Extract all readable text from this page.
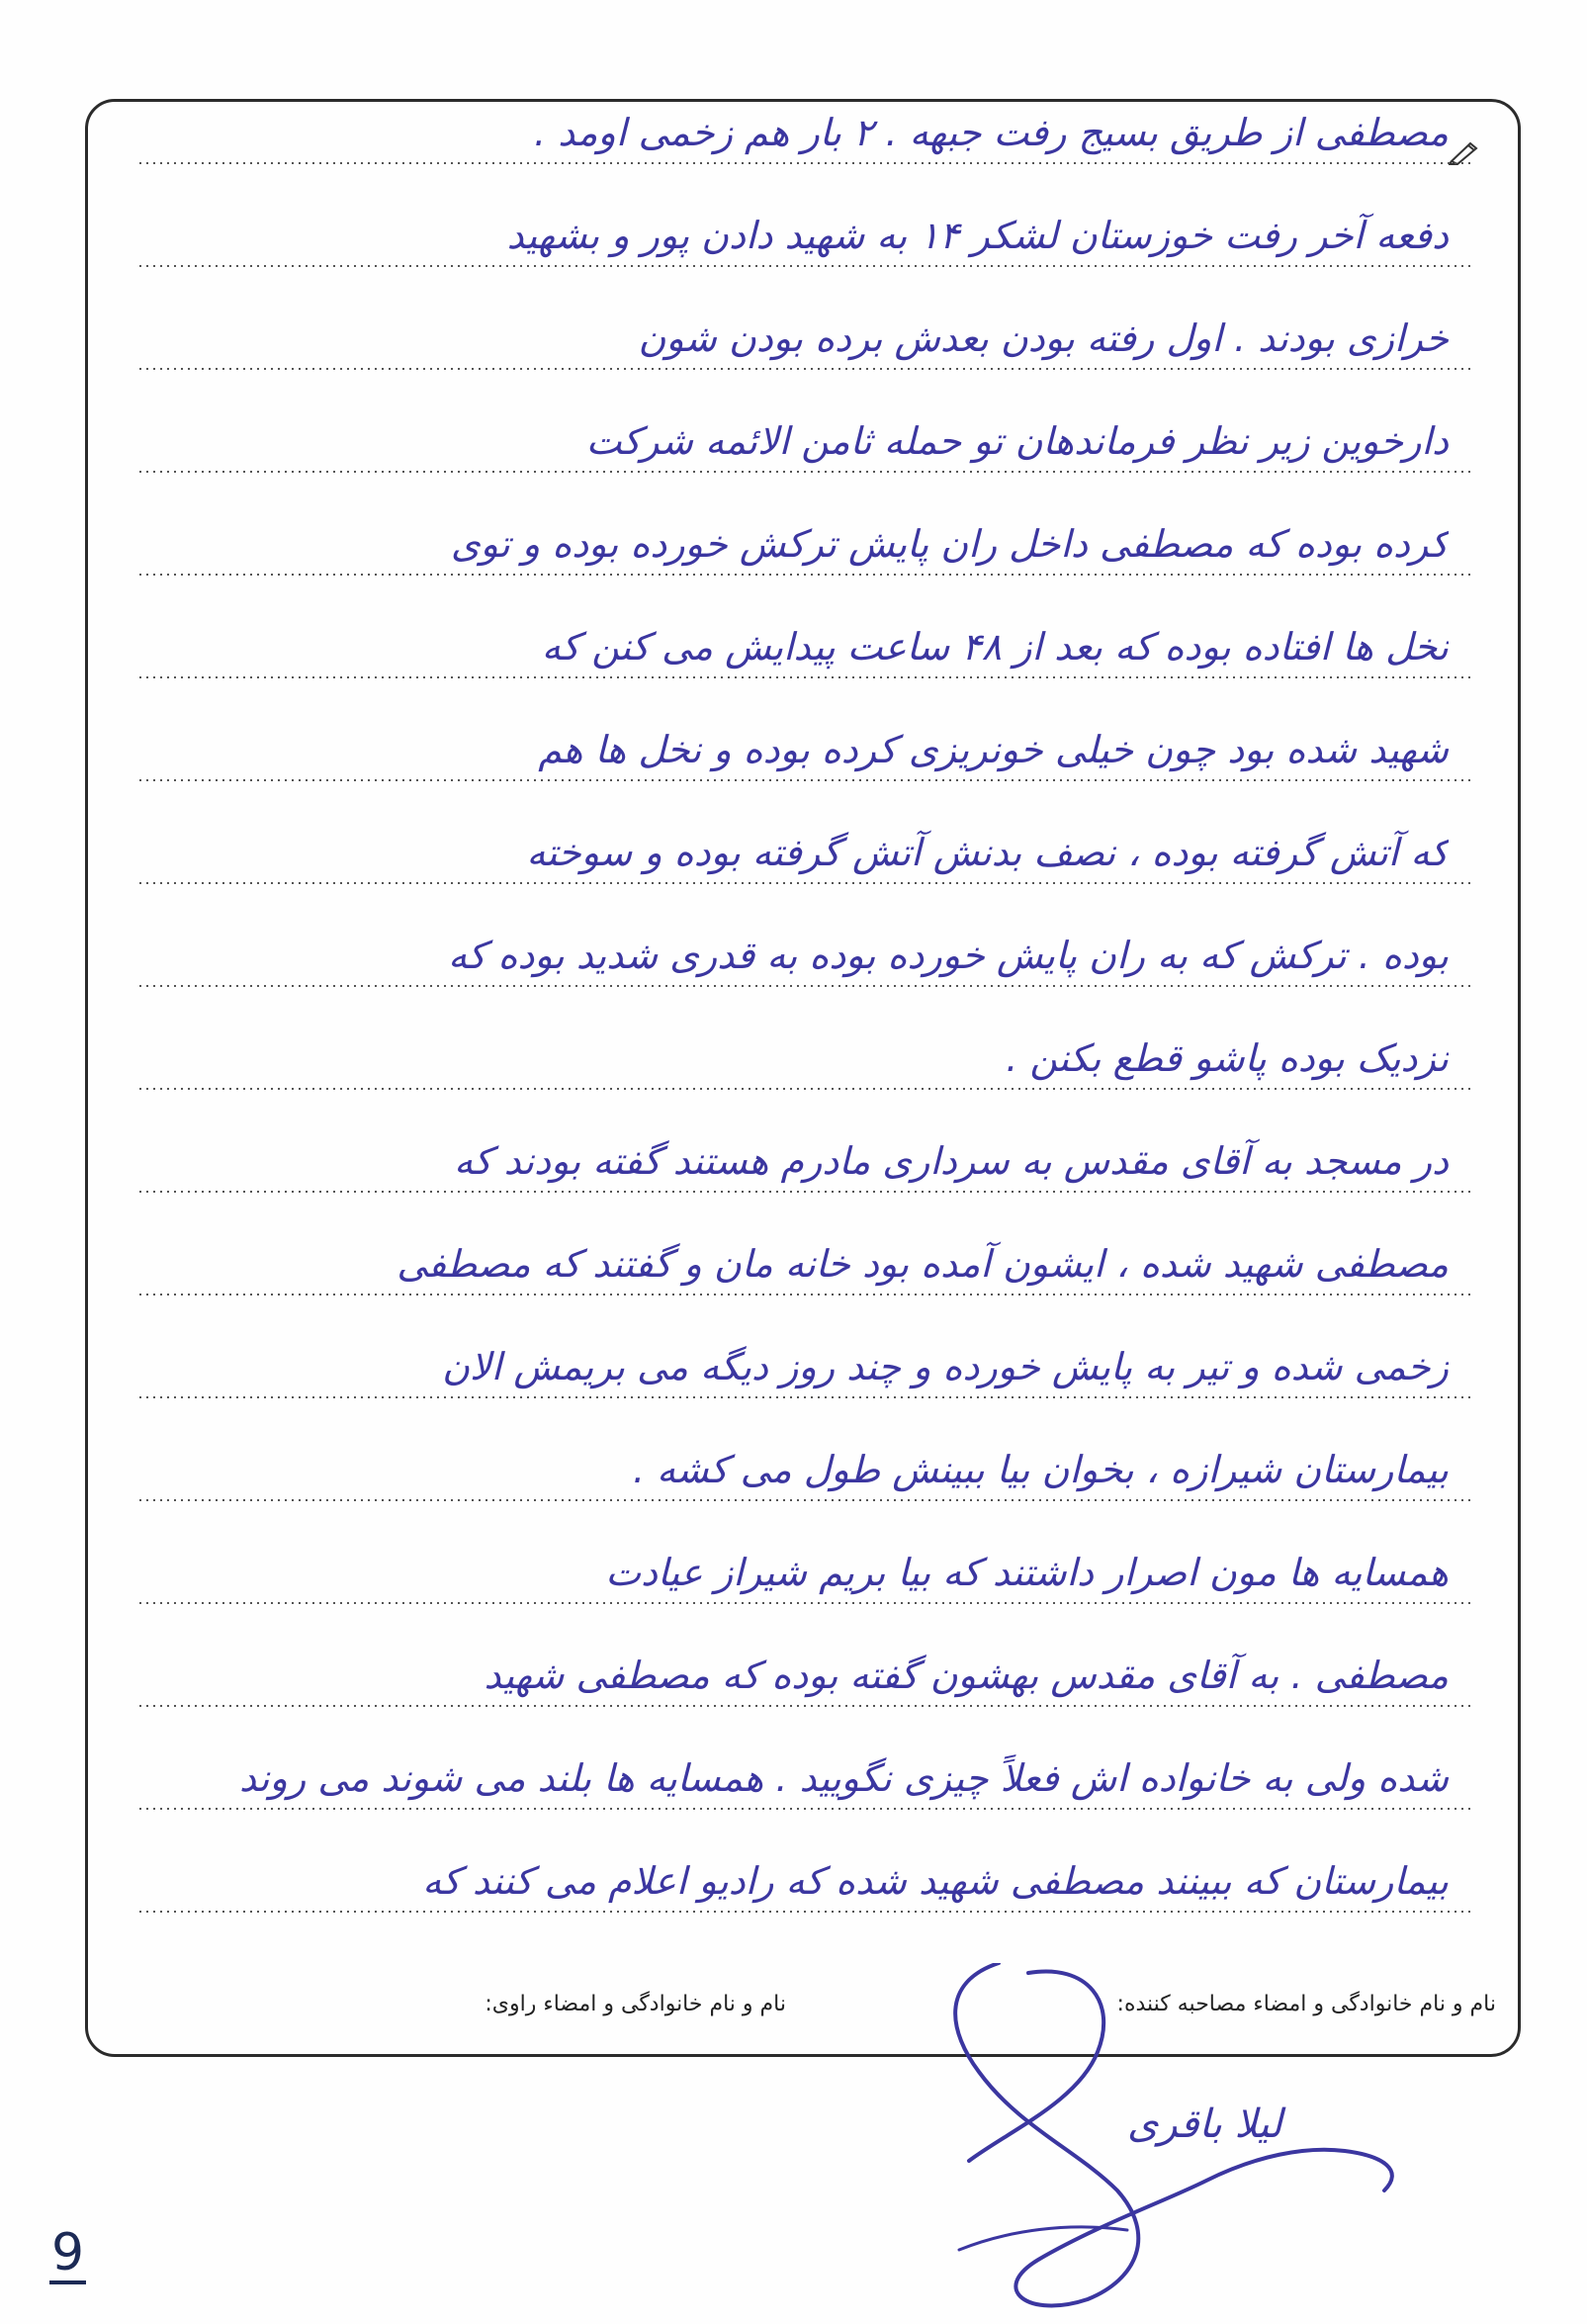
مصطفی از طریق بسیج رفت جبهه . ۲ بار هم زخمی اومد .
دفعه آخر رفت خوزستان لشکر ۱۴ به شهید دادن پور و بشهید
خرازی بودند . اول رفته بودن بعدش برده بودن شون
دارخوین زیر نظر فرماندهان تو حمله ثامن الائمه شرکت
کرده بوده که مصطفی داخل ران پایش ترکش خورده بوده و توی
نخل ها افتاده بوده که بعد از ۴۸ ساعت پیدایش می کنن که
شهید شده بود چون خیلی خونریزی کرده بوده و نخل ها هم
که آتش گرفته بوده ، نصف بدنش آتش گرفته بوده و سوخته
بوده . ترکش که به ران پایش خورده بوده به قدری شدید بوده که
نزدیک بوده پاشو قطع بکنن .
در مسجد به آقای مقدس به سرداری مادرم هستند گفته بودند که
مصطفی شهید شده ، ایشون آمده بود خانه مان و گفتند که مصطفی
زخمی شده و تیر به پایش خورده و چند روز دیگه می بریمش الان
بیمارستان شیرازه ، بخوان بیا ببینش طول می کشه .
همسایه ها مون اصرار داشتند که بیا بریم شیراز عیادت
مصطفی . به آقای مقدس بهشون گفته بوده که مصطفی شهید
شده ولی به خانواده اش فعلاً چیزی نگویید . همسایه ها بلند می شوند می روند
بیمارستان که ببینند مصطفی شهید شده که رادیو اعلام می کنند که
نام و نام خانوادگی و امضاء مصاحبه کننده:
نام و نام خانوادگی و امضاء راوی:
لیلا باقری
9
